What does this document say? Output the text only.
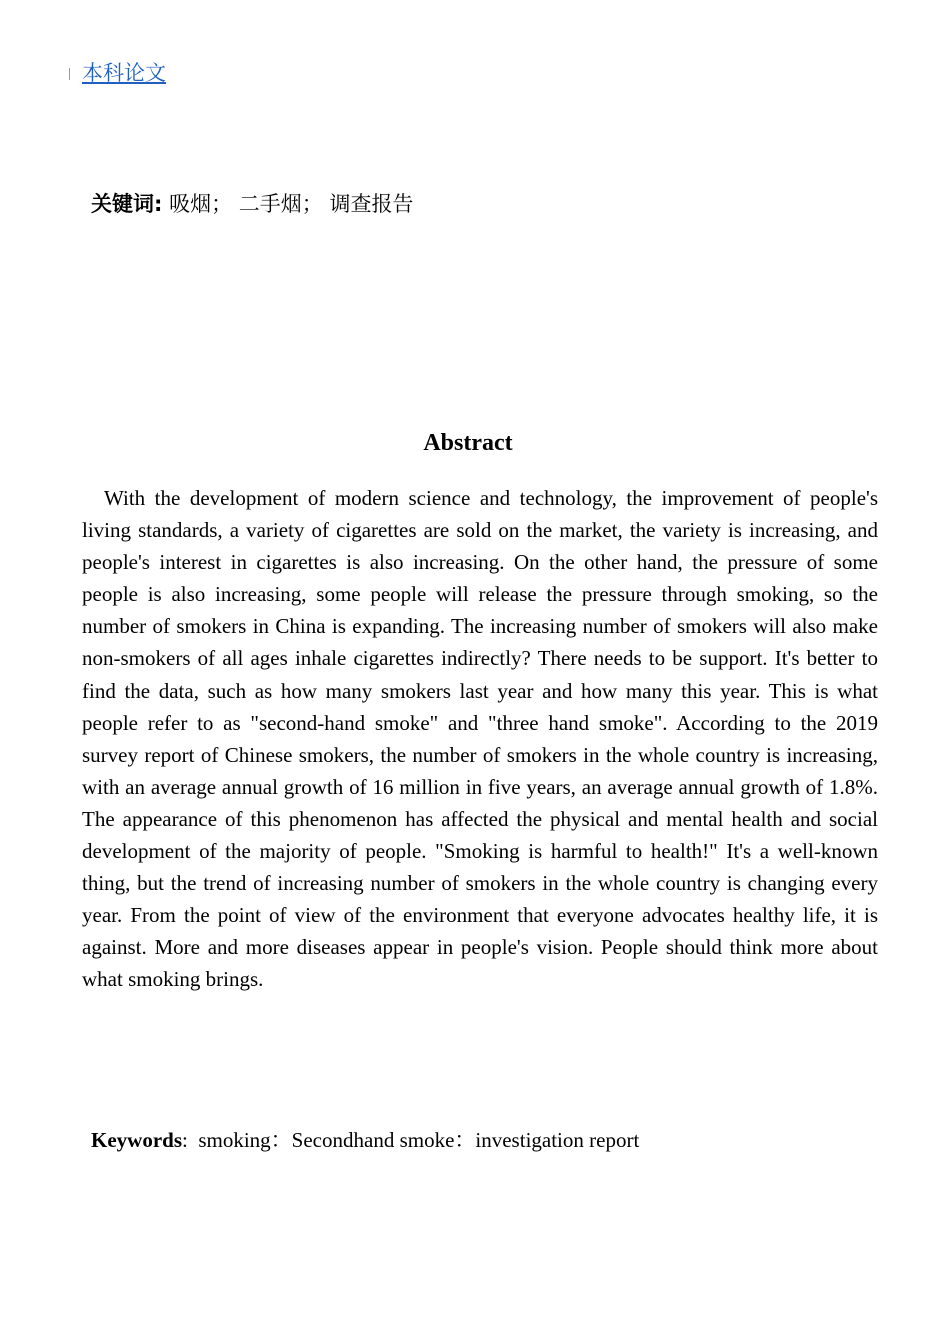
本科论文
关键词: 吸烟； 二手烟； 调查报告
Abstract

With the development of modern science and technology, the improvement of people's living standards, a variety of cigarettes are sold on the market, the variety is increasing, and people's interest in cigarettes is also increasing. On the other hand, the pressure of some people is also increasing, some people will release the pressure through smoking, so the number of smokers in China is expanding. The increasing number of smokers will also make non-smokers of all ages inhale cigarettes indirectly? There needs to be support. It's better to find the data, such as how many smokers last year and how many this year. This is what people refer to as "second-hand smoke" and "three hand smoke". According to the 2019 survey report of Chinese smokers, the number of smokers in the whole country is increasing, with an average annual growth of 16 million in five years, an average annual growth of 1.8%. The appearance of this phenomenon has affected the physical and mental health and social development of the majority of people. "Smoking is harmful to health!" It's a well-known thing, but the trend of increasing number of smokers in the whole country is changing every year. From the point of view of the environment that everyone advocates healthy life, it is against. More and more diseases appear in people's vision. People should think more about what smoking brings.

Keywords: smoking：Secondhand smoke：investigation report
